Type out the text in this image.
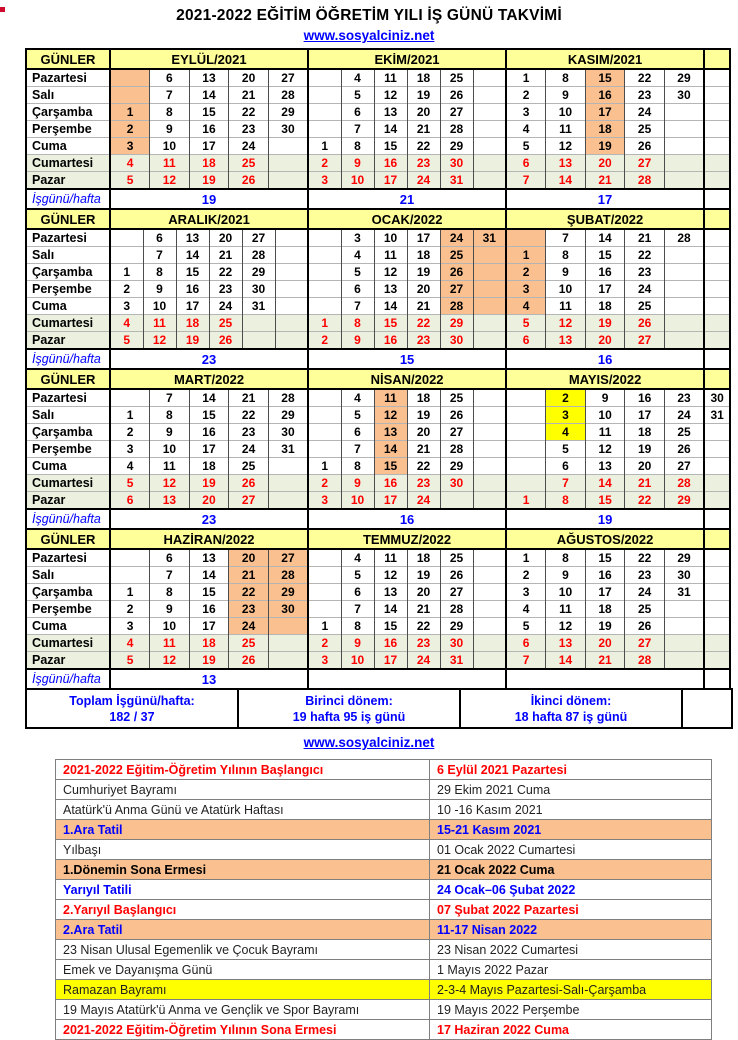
2021-2022 EĞİTİM ÖĞRETİM YILI İŞ GÜNÜ TAKVİMİ
www.sosyalciniz.net
GÜNLER	EYLÜL/2021					EKİM/2021						KASIM/2021					
Pazartesi		6	13	20	27		4	11	18	25		1	8	15	22	29	
Salı		7	14	21	28		5	12	19	26		2	9	16	23	30	
Çarşamba	1	8	15	22	29		6	13	20	27		3	10	17	24		
Perşembe	2	9	16	23	30		7	14	21	28		4	11	18	25		
Cuma	3	10	17	24		1	8	15	22	29		5	12	19	26		
Cumartesi	4	11	18	25		2	9	16	23	30		6	13	20	27		
Pazar	5	12	19	26		3	10	17	24	31		7	14	21	28		
İşgünü/hafta	19					21						17					
GÜNLER	ARALIK/2021						OCAK/2022						ŞUBAT/2022					
Pazartesi		6	13	20	27			3	10	17	24	31		7	14	21	28	
Salı		7	14	21	28			4	11	18	25		1	8	15	22		
Çarşamba	1	8	15	22	29			5	12	19	26		2	9	16	23		
Perşembe	2	9	16	23	30			6	13	20	27		3	10	17	24		
Cuma	3	10	17	24	31			7	14	21	28		4	11	18	25		
Cumartesi	4	11	18	25			1	8	15	22	29		5	12	19	26		
Pazar	5	12	19	26			2	9	16	23	30		6	13	20	27		
İşgünü/hafta	23						15						16					
GÜNLER	MART/2022					NİSAN/2022						MAYIS/2022					
Pazartesi		7	14	21	28		4	11	18	25			2	9	16	23	30
Salı	1	8	15	22	29		5	12	19	26			3	10	17	24	31
Çarşamba	2	9	16	23	30		6	13	20	27			4	11	18	25	
Perşembe	3	10	17	24	31		7	14	21	28			5	12	19	26	
Cuma	4	11	18	25		1	8	15	22	29			6	13	20	27	
Cumartesi	5	12	19	26		2	9	16	23	30			7	14	21	28	
Pazar	6	13	20	27		3	10	17	24			1	8	15	22	29	
İşgünü/hafta	23					16						19					
GÜNLER	HAZİRAN/2022					TEMMUZ/2022						AĞUSTOS/2022					
Pazartesi		6	13	20	27		4	11	18	25		1	8	15	22	29	
Salı		7	14	21	28		5	12	19	26		2	9	16	23	30	
Çarşamba	1	8	15	22	29		6	13	20	27		3	10	17	24	31	
Perşembe	2	9	16	23	30		7	14	21	28		4	11	18	25		
Cuma	3	10	17	24		1	8	15	22	29		5	12	19	26		
Cumartesi	4	11	18	25		2	9	16	23	30		6	13	20	27		
Pazar	5	12	19	26		3	10	17	24	31		7	14	21	28		
İşgünü/hafta	13																
Toplam İşgünü/hafta:
182 / 37

Birinci dönem:
19 hafta 95 iş günü

İkinci dönem:
18 hafta 87 iş günü

www.sosyalciniz.net
2021-2022 Eğitim-Öğretim Yılının Başlangıcı	6 Eylül 2021 Pazartesi
Cumhuriyet Bayramı	29 Ekim 2021 Cuma
Atatürk'ü Anma Günü ve Atatürk Haftası	10 -16 Kasım 2021
1.Ara Tatil	15-21 Kasım 2021
Yılbaşı	01 Ocak 2022 Cumartesi
1.Dönemin Sona Ermesi	21 Ocak 2022 Cuma
Yarıyıl Tatili	24 Ocak–06 Şubat 2022
2.Yarıyıl Başlangıcı	07 Şubat 2022 Pazartesi
2.Ara Tatil	11-17 Nisan 2022
23 Nisan Ulusal Egemenlik ve Çocuk Bayramı	23 Nisan 2022 Cumartesi
Emek ve Dayanışma Günü	1 Mayıs 2022 Pazar
Ramazan Bayramı	2-3-4 Mayıs Pazartesi-Salı-Çarşamba
19 Mayıs Atatürk'ü Anma ve Gençlik ve Spor Bayramı	19 Mayıs 2022 Perşembe
2021-2022 Eğitim-Öğretim Yılının Sona Ermesi	17 Haziran 2022 Cuma
